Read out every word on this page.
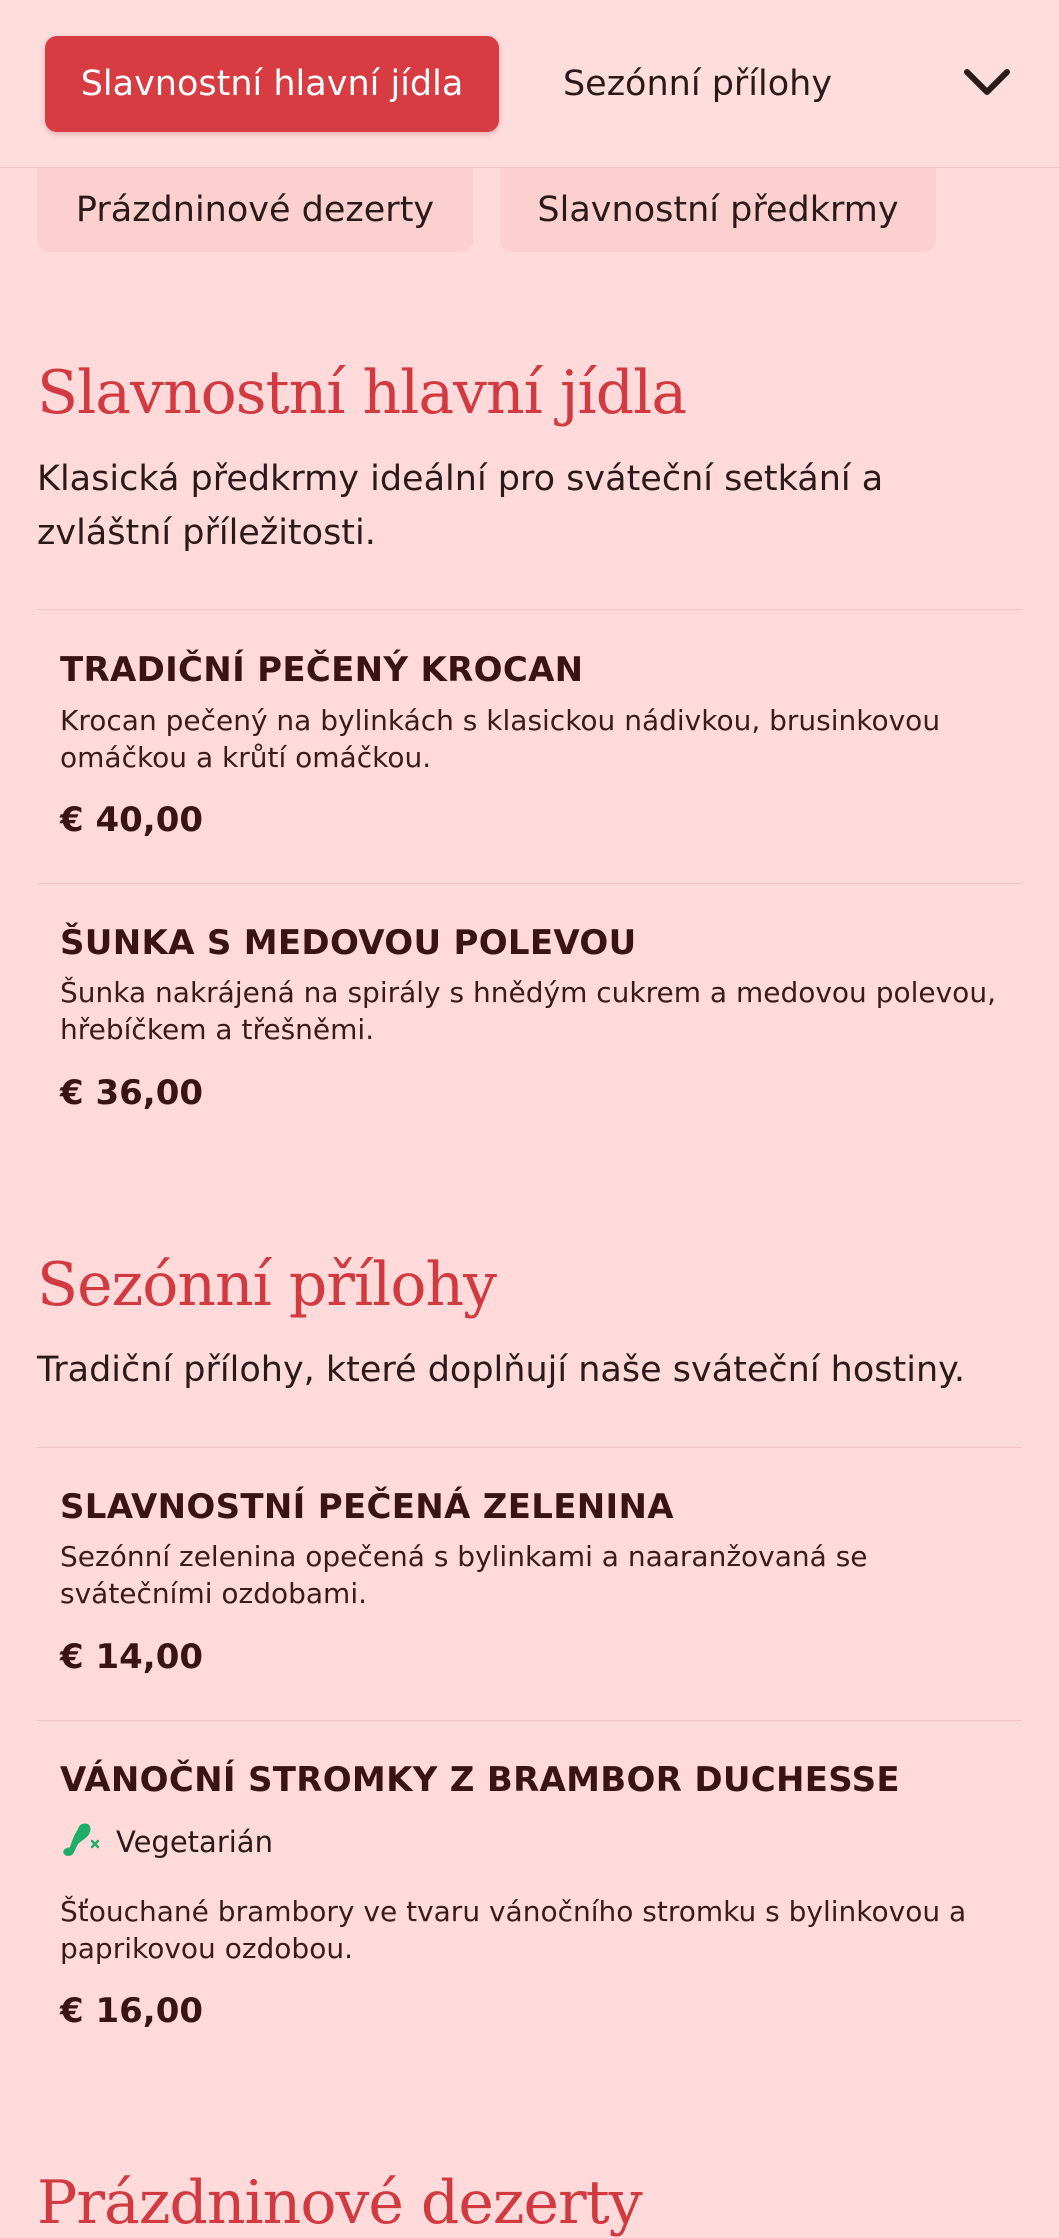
Slavnostní hlavní jídla	Sezónní přílohy
Prázdninové dezerty	Slavnostní předkrmy
Slavnostní hlavní jídla

Klasická předkrmy ideální pro sváteční setkání a zvláštní příležitosti.

TRADIČNÍ PEČENÝ KROCAN

Krocan pečený na bylinkách s klasickou nádivkou, brusinkovou omáčkou a krůtí omáčkou.

€ 40,00

ŠUNKA S MEDOVOU POLEVOU

Šunka nakrájená na spirály s hnědým cukrem a medovou polevou, hřebíčkem a třešněmi.

€ 36,00
Sezónní přílohy

Tradiční přílohy, které doplňují naše sváteční hostiny.

SLAVNOSTNÍ PEČENÁ ZELENINA

Sezónní zelenina opečená s bylinkami a naaranžovaná se svátečními ozdobami.

€ 14,00

VÁNOČNÍ STROMKY Z BRAMBOR DUCHESSE

Vegetarián

Šťouchané brambory ve tvaru vánočního stromku s bylinkovou a paprikovou ozdobou.

€ 16,00
Prázdninové dezerty
